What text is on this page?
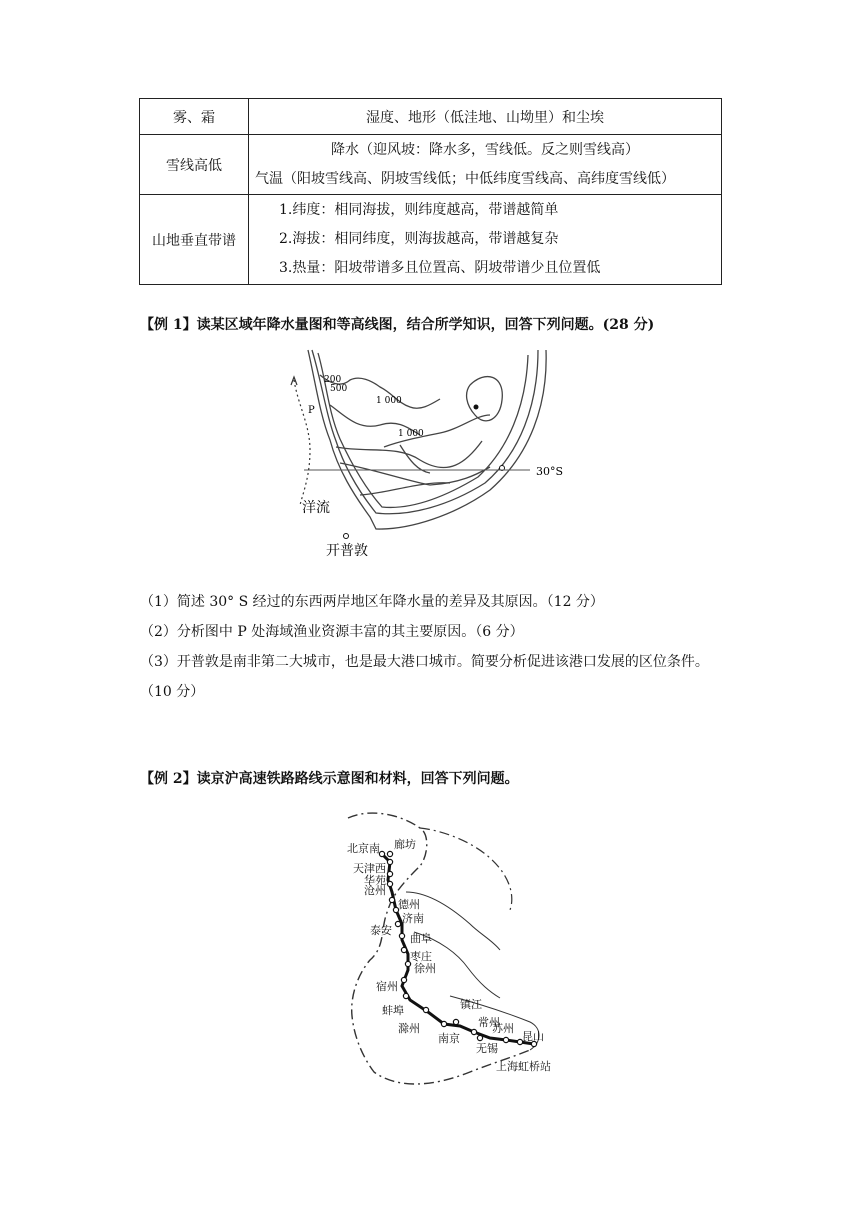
雾、霜	湿度、地形（低洼地、山坳里）和尘埃
雪线高低	降水（迎风坡：降水多，雪线低。反之则雪线高）
气温（阳坡雪线高、阴坡雪线低；中低纬度雪线高、高纬度雪线低）

山地垂直带谱	1.纬度：相同海拔，则纬度越高，带谱越简单
2.海拔：相同纬度，则海拔越高，带谱越复杂
3.热量：阳坡带谱多且位置高、阴坡带谱少且位置低
【例 1】读某区域年降水量图和等高线图，结合所学知识，回答下列问题。(28 分)
200
500
1 000
1 000
P
30°S
洋流
开普敦
（1）简述 30° S 经过的东西两岸地区年降水量的差异及其原因。（12 分）
（2）分析图中 P 处海域渔业资源丰富的其主要原因。（6 分）
（3）开普敦是南非第二大城市，也是最大港口城市。简要分析促进该港口发展的区位条件。
（10 分）
【例 2】读京沪高速铁路路线示意图和材料，回答下列问题。
北京南 廊坊
天津西
华苑
沧州
德州
济南
泰安
曲阜
枣庄
徐州
宿州
蚌埠
滁州
南京
镇江
常州
无锡
苏州
昆山
上海虹桥站
